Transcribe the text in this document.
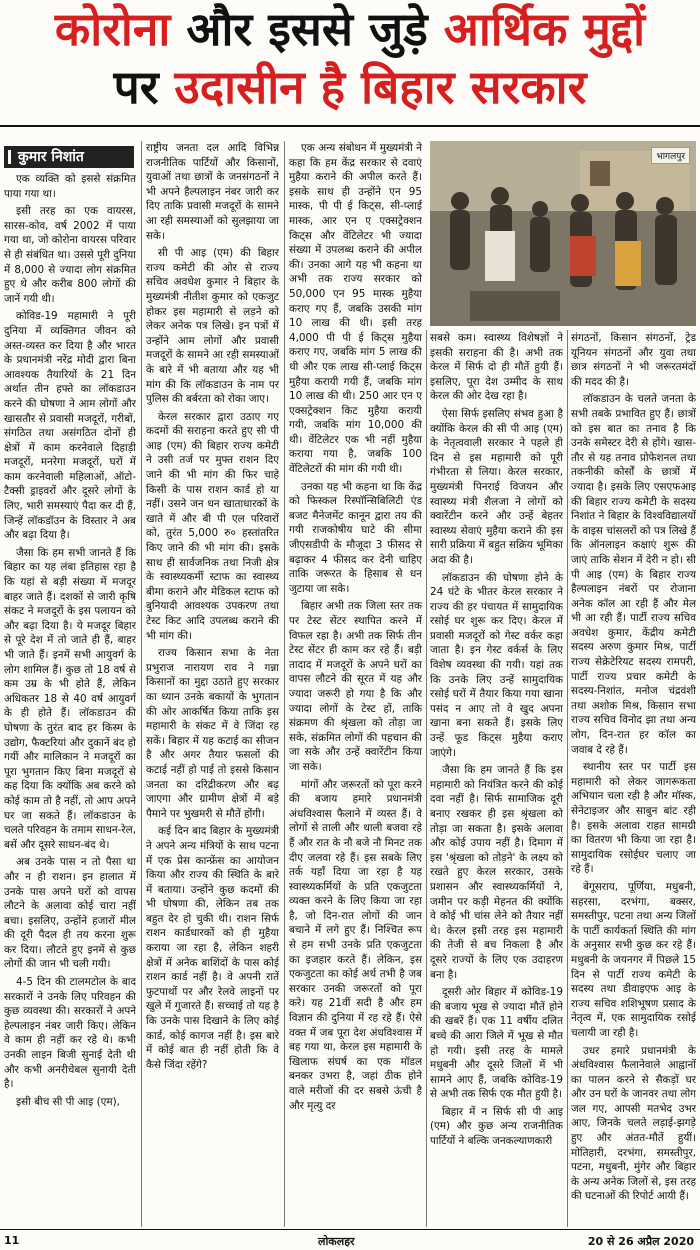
कोरोना और इससे जुड़े आर्थिक मुद्दों
पर उदासीन है बिहार सरकार
कुमार निशांत	भागलपुर

एक व्यक्ति को इससे संक्रमित पाया गया था।

इसी तरह का एक वायरस, सारस-कोव, वर्ष 2002 में पाया गया था, जो कोरोना वायरस परिवार से ही संबंधित था। उससे पूरी दुनिया में 8,000 से ज्यादा लोग संक्रमित हुए थे और करीब 800 लोगों की जानें गयी थी।

कोविड-19 महामारी ने पूरी दुनिया में व्यक्तिगत जीवन को अस्त-व्यस्त कर दिया है और भारत के प्रधानमंत्री नरेंद्र मोदी द्वारा बिना आवश्यक तैयारियों के 21 दिन अर्थात तीन हफ्ते का लॉकडाउन करने की घोषणा ने आम लोगों और खासतौर से प्रवासी मजदूरों, गरीबों, संगठित तथा असंगठित दोनों ही क्षेत्रों में काम करनेवाले दिहाड़ी मजदूरों, मनरेगा मजदूरों, घरों में काम करनेवाली महिलाओं, ऑटो-टैक्सी ड्राइवरों और दूसरे लोगों के लिए, भारी समस्याएं पैदा कर दी हैं, जिन्हें लॉकडॉउन के विस्तार ने अब और बढ़ा दिया है।

जैसा कि हम सभी जानते हैं कि बिहार का यह लंबा इतिहास रहा है कि यहां से बड़ी संख्या में मजदूर बाहर जाते हैं। दशकों से जारी कृषि संकट ने मजदूरों के इस पलायन को और बढ़ा दिया है। ये मजदूर बिहार से पूरे देश में तो जाते ही हैं, बाहर भी जाते हैं। इनमें सभी आयुवर्ग के लोग शामिल हैं। कुछ तो 18 वर्ष से कम उम्र के भी होते हैं, लेकिन अधिकतर 18 से 40 वर्ष आयुवर्ग के ही होते हैं। लॉकडाउन की घोषणा के तुरंत बाद हर किस्म के उद्योग, फैक्टरियां और दुकानें बंद हो गयीं और मालिकान ने मजदूरों का पूरा भुगतान किए बिना मजदूरों से कह दिया कि क्योंकि अब करने को कोई काम तो है नहीं, तो आप अपने घर जा सकते हैं। लॉकडाउन के चलते परिवहन के तमाम साधन-रेल, बसें और दूसरे साधन-बंद थे।

अब उनके पास न तो पैसा था और न ही राशन। इन हालात में उनके पास अपने घरों को वापस लौटने के अलावा कोई चारा नहीं बचा। इसलिए, उन्होंने हजारों मील की दूरी पैदल ही तय करना शुरू कर दिया। लौटते हुए इनमें से कुछ लोगों की जान भी चली गयी।

4-5 दिन की टालमटोल के बाद सरकारों ने उनके लिए परिवहन की कुछ व्यवस्था की। सरकारों ने अपने हेल्पलाइन नंबर जारी किए। लेकिन वे काम ही नहीं कर रहे थे। कभी उनकी लाइन बिजी सुनाई देती थी और कभी अनरीचेबल सुनायी देती है।

इसी बीच सी पी आइ (एम),

राष्ट्रीय जनता दल आदि विभिन्न राजनीतिक पार्टियों और किसानों, युवाओं तथा छात्रों के जनसंगठनों ने भी अपने हैल्पलाइन नंबर जारी कर दिए ताकि प्रवासी मजदूरों के सामने आ रही समस्याओं को सुलझाया जा सके।

सी पी आइ (एम) की बिहार राज्य कमेटी की ओर से राज्य सचिव अवधेश कुमार ने बिहार के मुख्यमंत्री नीतीश कुमार को एकजुट होकर इस महामारी से लड़ने को लेकर अनेक पत्र लिखे। इन पत्रों में उन्होंने आम लोगों और प्रवासी मजदूरों के सामने आ रही समस्याओं के बारे में भी बताया और यह भी मांग की कि लॉकडाउन के नाम पर पुलिस की बर्बरता को रोका जाए।

केरल सरकार द्वारा उठाए गए कदमों की सराहना करते हुए सी पी आइ (एम) की बिहार राज्य कमेटी ने उसी तर्ज पर मुफ्त राशन दिए जाने की भी मांग की फिर चाहे किसी के पास राशन कार्ड हो या नहीं। उसने जन धन खाताधारकों के खाते में और बी पी एल परिवारों को, तुरंत 5,000 रु० हस्तांतरित किए जाने की भी मांग की। इसके साथ ही सार्वजनिक तथा निजी क्षेत्र के स्वास्थ्यकर्मी स्टाफ का स्वास्थ्य बीमा कराने और मेडिकल स्टाफ को बुनियादी आवश्यक उपकरण तथा टेस्ट किट आदि उपलब्ध कराने की भी मांग की।

राज्य किसान सभा के नेता प्रभुराज नारायण राव ने गन्ना किसानों का मुद्दा उठाते हुए सरकार का ध्यान उनके बकायों के भुगतान की ओर आकर्षित किया ताकि इस महामारी के संकट में वे जिंदा रह सकें। बिहार में यह कटाई का सीजन है और अगर तैयार फसलों की कटाई नहीं हो पाई तो इससे किसान जनता का दरिद्रीकरण और बढ़ जाएगा और ग्रामीण क्षेत्रों में बड़े पैमाने पर भुखमरी से मौतें होंगी।

कई दिन बाद बिहार के मुख्यमंत्री ने अपने अन्य मंत्रियों के साथ पटना में एक प्रेस कान्फ्रेंस का आयोजन किया और राज्य की स्थिति के बारे में बताया। उन्होंने कुछ कदमों की भी घोषणा की, लेकिन तब तक बहुत देर हो चुकी थी। राशन सिर्फ राशन कार्डधारकों को ही मुहैया कराया जा रहा है, लेकिन शहरी क्षेत्रों में अनेक बाशिंदों के पास कोई राशन कार्ड नहीं है। वे अपनी रातें फुटपाथों पर और रेलवे लाइनों पर खुले में गुजारते हैं। सच्चाई तो यह है कि उनके पास दिखाने के लिए कोई कार्ड, कोई कागज नहीं है। इस बारे में कोई बात ही नहीं होती कि वे कैसे जिंदा रहेंगे?

एक अन्य संबोधन में मुख्यमंत्री ने कहा कि हम केंद्र सरकार से दवाएं मुहैया कराने की अपील करते हैं। इसके साथ ही उन्होंने एन 95 मास्क, पी पी ई किट्स, सी-प्लाई मास्क, आर एन ए एक्सट्रेक्शन किट्स और वेंटिलेटर भी ज्यादा संख्या में उपलब्ध कराने की अपील की। उनका आगे यह भी कहना था अभी तक राज्य सरकार को 50,000 एन 95 मास्क मुहैया कराए गए हैं, जबकि उसकी मांग 10 लाख की थी। इसी तरह 4,000 पी पी ई किट्स मुहैया कराए गए, जबकि मांग 5 लाख की थी और एक लाख सी-प्लाई किट्स मुहैया करायी गयी हैं, जबकि मांग 10 लाख की थी। 250 आर एन ए एक्सट्रेक्शन किट मुहैया करायी गयी, जबकि मांग 10,000 की थी। वेंटिलेटर एक भी नहीं मुहैया कराया गया है, जबकि 100 वेंटिलेटरों की मांग की गयी थी।

उनका यह भी कहना था कि केंद्र को फिस्कल रिस्पॉन्सिबिलिटी एंड बजट मैनेजमेंट कानून द्वारा तय की गयी राजकोषीय घाटे की सीमा जीएसडीपी के मौजूदा 3 फीसद से बढ़ाकर 4 फीसद कर देनी चाहिए ताकि जरूरत के हिसाब से धन जुटाया जा सके।

बिहार अभी तक जिला स्तर तक पर टेस्ट सेंटर स्थापित करने में विफल रहा है। अभी तक सिर्फ तीन टेस्ट सेंटर ही काम कर रहे हैं। बड़ी तादाद में मजदूरों के अपने घरों का वापस लौटने की सूरत में यह और ज्यादा जरूरी हो गया है कि और ज्यादा लोगों के टेस्ट हों, ताकि संक्रमण की श्रृंखला को तोड़ा जा सके, संक्रमित लोगों की पहचान की जा सके और उन्हें क्वारेंटीन किया जा सके।

मांगों और जरूरतों को पूरा करने की बजाय हमारे प्रधानमंत्री अंधविश्वास फैलाने में व्यस्त हैं। वे लोगों से ताली और थाली बजवा रहे हैं और रात के नौ बजे नौ मिनट तक दीए जलवा रहे हैं। इस सबके लिए तर्क यहाँ दिया जा रहा है यह स्वास्थ्यकर्मियों के प्रति एकजुटता व्यक्त करने के लिए किया जा रहा है, जो दिन-रात लोगों की जान बचाने में लगे हुए हैं। निश्चित रूप से हम सभी उनके प्रति एकजुटता का इजहार करते हैं। लेकिन, इस एकजुटता का कोई अर्थ तभी है जब सरकार उनकी जरूरतों को पूरा करे। यह 21वीं सदी है और हम विज्ञान की दुनिया में रह रहे हैं। ऐसे वक्त में जब पूरा देश अंधविश्वास में बह गया था, केरल इस महामारी के खिलाफ संघर्ष का एक मॉडल बनकर उभरा है, जहां ठीक होने वाले मरीजों की दर सबसे ऊंची है और मृत्यु दर

सबसे कम। स्वास्थ्य विशेषज्ञों ने इसकी सराहना की है। अभी तक केरल में सिर्फ दो ही मौतें हुयी हैं। इसलिए, पूरा देश उम्मीद के साथ केरल की ओर देख रहा है।

ऐसा सिर्फ इसलिए संभव हुआ है क्योंकि केरल की सी पी आइ (एम) के नेतृत्ववाली सरकार ने पहले ही दिन से इस महामारी को पूरी गंभीरता से लिया। केरल सरकार, मुख्यमंत्री पिनराई विजयन और स्वास्थ्य मंत्री शैलजा ने लोगों को क्वारेंटीन करने और उन्हें बेहतर स्वास्थ्य सेवाएं मुहैया कराने की इस सारी प्रक्रिया में बहुत सक्रिय भूमिका अदा की है।

लॉकडाउन की घोषणा होने के 24 घंटे के भीतर केरल सरकार ने राज्य की हर पंचायत में सामुदायिक रसोई घर शुरू कर दिए। केरल में प्रवासी मजदूरों को गेस्ट वर्कर कहा जाता है। इन गेस्ट वर्कर्स के लिए विशेष व्यवस्था की गयी। यहां तक कि उनके लिए उन्हें सामुदायिक रसोई घरों में तैयार किया गया खाना पसंद न आए तो वे खुद अपना खाना बना सकते हैं। इसके लिए उन्हें फूड किट्स मुहैया कराए जाएंगे।

जैसा कि हम जानते हैं कि इस महामारी को नियंत्रित करने की कोई दवा नहीं है। सिर्फ सामाजिक दूरी बनाए रखकर ही इस श्रृंखला को तोड़ा जा सकता है। इसके अलावा और कोई उपाय नहीं है। दिमाग में इस 'श्रृंखला को तोड़ने' के लक्ष्य को रखते हुए केरल सरकार, उसके प्रशासन और स्वास्थ्यकर्मियों ने, जमीन पर कड़ी मेहनत की क्योंकि वे कोई भी चांस लेने को तैयार नहीं थे। केरल इसी तरह इस महामारी की तेजी से बच निकला है और दूसरे राज्यों के लिए एक उदाहरण बना है।

दूसरी ओर बिहार में कोविड-19 की बजाय भूख से ज्यादा मौतें होने की खबरें हैं। एक 11 वर्षीय दलित बच्चे की आरा जिले में भूख से मौत हो गयी। इसी तरह के मामले मधुबनी और दूसरे जिलों में भी सामने आए हैं, जबकि कोविड-19 से अभी तक सिर्फ एक मौत हुयी है।

बिहार में न सिर्फ सी पी आइ (एम) और कुछ अन्य राजनीतिक पार्टियों ने बल्कि जनकल्याणकारी

संगठनों, किसान संगठनों, ट्रेड यूनियन संगठनों और युवा तथा छात्र संगठनों ने भी जरूरतमंदों की मदद की है।

लॉकडाउन के चलते जनता के सभी तबके प्रभावित हुए हैं। छात्रों को इस बात का तनाव है कि उनके समेस्टर देरी से होंगे। खास-तौर से यह तनाव प्रोफेशनल तथा तकनीकी कोर्सों के छात्रों में ज्यादा है। इसके लिए एसएफआइ की बिहार राज्य कमेटी के सदस्य निशांत ने बिहार के विश्वविद्यालयों के वाइस चांसलरों को पत्र लिखे हैं कि ऑनलाइन कक्षाएं शुरू की जाएं ताकि सेशन में देरी न हो। सी पी आइ (एम) के बिहार राज्य हैल्पलाइन नंबरों पर रोजाना अनेक कॉल आ रही हैं और मेल भी आ रही हैं। पार्टी राज्य सचिव अवधेश कुमार, केंद्रीय कमेटी सदस्य अरुण कुमार मिश्र, पार्टी राज्य सेक्रेटेरियट सदस्य रामपरी, पार्टी राज्य प्रचार कमेटी के सदस्य-निशांत, मनोज चंद्रवंशी तथा अशोक मिश्र, किसान सभा राज्य सचिव विनोद झा तथा अन्य लोग, दिन-रात हर कॉल का जवाब दे रहे हैं।

स्थानीय स्तर पर पार्टी इस महामारी को लेकर जागरूकता अभियान चला रही है और मॉस्क, सेनेटाइजर और साबुन बांट रही है। इसके अलावा राहत सामग्री का वितरण भी किया जा रहा है। सामुदायिक रसोईघर चलाए जा रहे हैं।

बेगूसराय, पूर्णिया, मधुबनी, सहरसा, दरभंगा, बक्सर, समस्तीपुर, पटना तथा अन्य जिलों के पार्टी कार्यकर्ता स्थिति की मांग के अनुसार सभी कुछ कर रहे हैं। मधुबनी के जयनगर में पिछले 15 दिन से पार्टी राज्य कमेटी के सदस्य तथा डीवाइएफ आइ के राज्य सचिव शशिभूषण प्रसाद के नेतृत्व में, एक सामुदायिक रसोई चलायी जा रही है।

उधर हमारे प्रधानमंत्री के अंधविश्वास फैलानेवाले आह्वानों का पालन करने से सैकड़ों घर और उन घरों के जानवर तथा लोग जल गए, आपसी मतभेद उभर आए, जिनके चलते लड़ाई-झगड़े हुए और अंतत-मौतें हुयीं। मोतिहारी, दरभंगा, समस्तीपुर, पटना, मधुबनी, मुंगेर और बिहार के अन्य अनेक जिलों से, इस तरह की घटनाओं की रिपोर्ट आयी हैं।

11	लोकलहर	20 से 26 अप्रैल 2020
